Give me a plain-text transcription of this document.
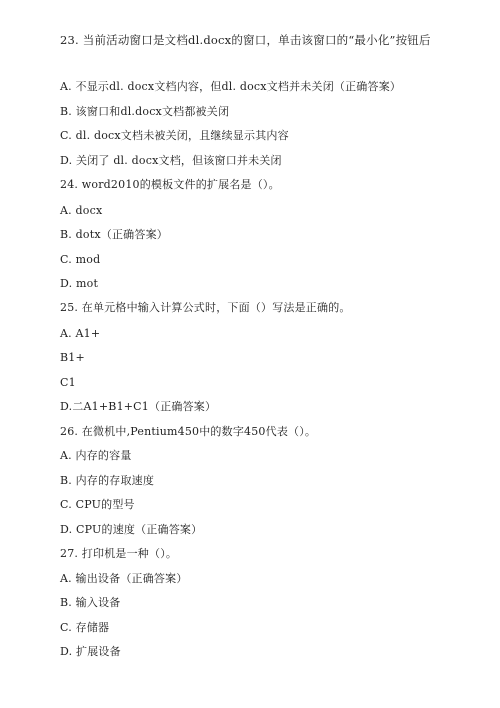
23. 当前活动窗口是文档dl.docx的窗口，单击该窗口的“最小化”按钮后
A. 不显示dl. docx文档内容，但dl. docx文档并未关闭（正确答案）
B. 该窗口和dl.docx文档都被关闭
C. dl. docx文档未被关闭，且继续显示其内容
D. 关闭了 dl. docx文档，但该窗口并未关闭
24. word2010的模板文件的扩展名是（）。
A. docx
B. dotx（正确答案）
C. mod
D. mot
25. 在单元格中输入计算公式时，下面（）写法是正确的。
A. A1+
B1+
C1
D.二A1+B1+C1（正确答案）
26. 在微机中,Pentium450中的数字450代表（）。
A. 内存的容量
B. 内存的存取速度
C. CPU的型号
D. CPU的速度（正确答案）
27. 打印机是一种（）。
A. 输出设备（正确答案）
B. 输入设备
C. 存储器
D. 扩展设备
